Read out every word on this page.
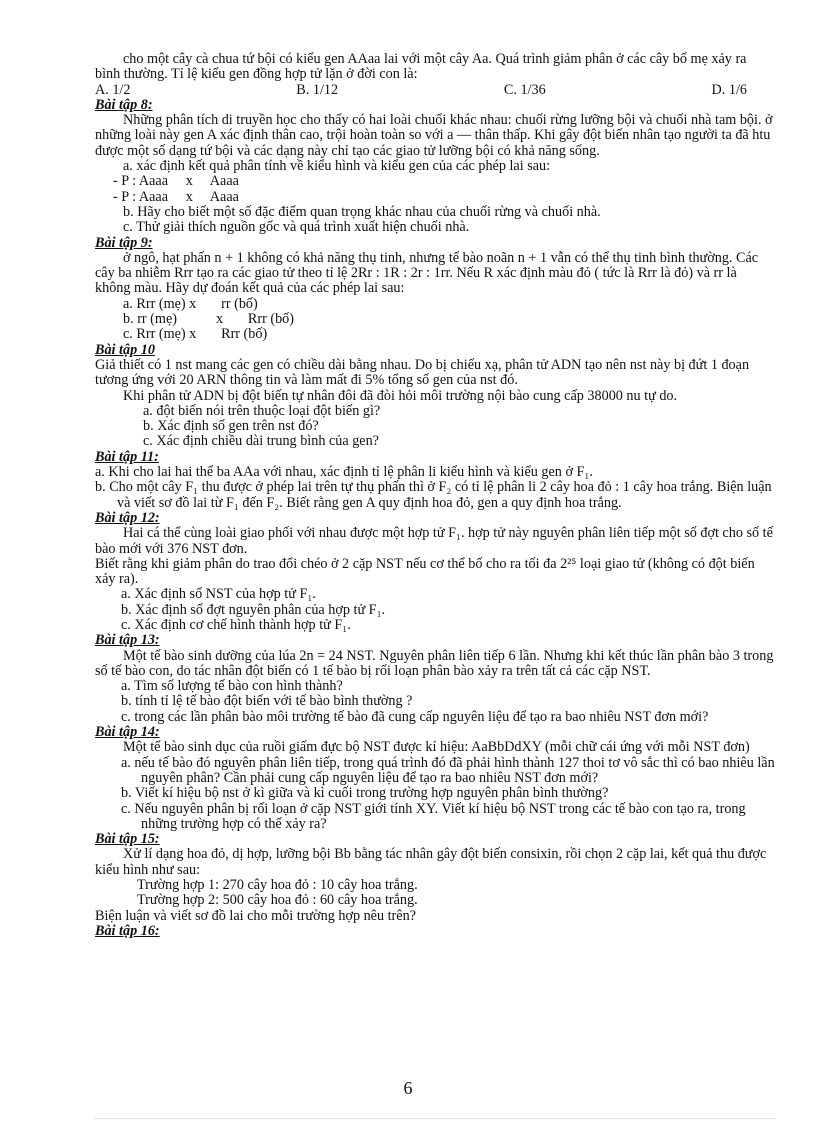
cho một cây cà chua tứ bội có kiểu gen AAaa lai với một cây Aa. Quá trình giảm phân ở các cây bố mẹ xảy ra bình thường. Tỉ lệ kiểu gen đồng hợp tử lặn ở đời con là:

A. 1/2	B. 1/12	C. 1/36	D. 1/6

Bài tập 8:

Những phân tích di truyền học cho thấy có hai loài chuối khác nhau: chuối rừng lưỡng bội và chuối nhà tam bội. ở những loài này gen A xác định thân cao, trội hoàn toàn so với a — thân thấp. Khi gây đột biến nhân tạo người ta đã htu được một số dạng tứ bội và các dạng này chỉ tạo các giao tử lưỡng bội có khả năng sống.

a. xác định kết quả phân tính về kiểu hình và kiểu gen của các phép lai sau:

- P : Aaaa     x     Aaaa

- P : Aaaa     x     Aaaa

b. Hãy cho biết một số đặc điểm quan trọng khác nhau của chuối rừng và chuối nhà.

c. Thử giải thích nguồn gốc và quá trình xuất hiện chuối nhà.

Bài tập 9:

ở ngô, hạt phấn n + 1 không có khả năng thụ tinh, nhưng tế bào noãn n + 1 vẫn có thể thụ tinh bình thường. Các cây ba nhiễm Rrr tạo ra các giao tử theo tỉ lệ 2Rr : 1R : 2r : 1rr. Nếu R xác định màu đỏ ( tức là Rrr là đỏ) và rr là không màu. Hãy dự đoán kết quả của các phép lai sau:

a. Rrr (mẹ) x       rr (bố)

b. rr (mẹ)           x       Rrr (bố)

c. Rrr (mẹ) x       Rrr (bố)

Bài tập 10

Giả thiết có 1 nst mang các gen có chiều dài bằng nhau. Do bị chiếu xạ, phân tử ADN tạo nên nst này bị đứt 1 đoạn tương ứng với 20 ARN thông tin và làm mất đi 5% tổng số gen của nst đó.

Khi phân tử ADN bị đột biến tự nhân đôi đã đòi hỏi môi trường nội bào cung cấp 38000 nu tự do.

a. đột biến nói trên thuộc loại đột biến gì?

b. Xác định số gen trên nst đó?

c. Xác định chiều dài trung bình của gen?

Bài tập 11:

a. Khi cho lai hai thể ba AAa với nhau, xác định tỉ lệ phân li kiểu hình và kiểu gen ở F₁.

b. Cho một cây F₁ thu được ở phép lai trên tự thụ phấn thì ở F₂ có tỉ lệ phân li 2 cây hoa đỏ : 1 cây hoa trắng. Biện luận và viết sơ đồ lai từ F₁ đến F₂. Biết rằng gen A quy định hoa đỏ, gen a quy định hoa trắng.

Bài tập 12:

Hai cá thể cùng loài giao phối với nhau được một hợp tử F₁. hợp tử này nguyên phân liên tiếp một số đợt cho số tế bào mới với 376 NST đơn.

Biết rằng khi giảm phân do trao đổi chéo ở 2 cặp NST nếu cơ thể bố cho ra tối đa 2²⁵ loại giao tử (không có đột biến xảy ra).

a. Xác định số NST của hợp tử F₁.

b. Xác định số đợt nguyên phân của hợp tử F₁.

c. Xác định cơ chế hình thành hợp tử F₁.

Bài tập 13:

Một tế bào sinh dưỡng của lúa 2n = 24 NST. Nguyên phân liên tiếp 6 lần. Nhưng khi kết thúc lần phân bào 3 trong số tế bào con, do tác nhân đột biến có 1 tế bào bị rối loạn phân bào xảy ra trên tất cả các cặp NST.

a. Tìm số lượng tế bào con hình thành?

b. tính tỉ lệ tế bào đột biến với tế bào bình thường ?

c. trong các lần phân bào môi trường tế bào đã cung cấp nguyên liệu để tạo ra bao nhiêu NST đơn mới?

Bài tập 14:

Một tế bào sinh dục của ruồi giấm đực bộ NST được kí hiệu: AaBbDdXY (mỗi chữ cái ứng với mỗi NST đơn)

a. nếu tế bào đó nguyên phân liên tiếp, trong quá trình đó đã phải hình thành 127 thoi tơ vô sắc thì có bao nhiêu lần nguyên phân? Cần phải cung cấp nguyên liệu để tạo ra bao nhiêu NST đơn mới?

b. Viết kí hiệu bộ nst ở kì giữa và kì cuối trong trường hợp nguyên phân bình thường?

c. Nếu nguyên phân bị rối loạn ở cặp NST giới tính XY. Viết kí hiệu bộ NST trong các tế bào con tạo ra, trong những trường hợp có thể xảy ra?

Bài tập 15:

Xử lí dạng hoa đỏ, dị hợp, lưỡng bội Bb bằng tác nhân gây đột biến consixin, rồi chọn 2 cặp lai, kết quả thu được kiểu hình như sau:

Trường hợp 1: 270 cây hoa đỏ : 10 cây hoa trắng.

Trường hợp 2: 500 cây hoa đỏ : 60 cây hoa trắng.

Biện luận và viết sơ đồ lai cho mỗi trường hợp nêu trên?

Bài tập 16:

6
